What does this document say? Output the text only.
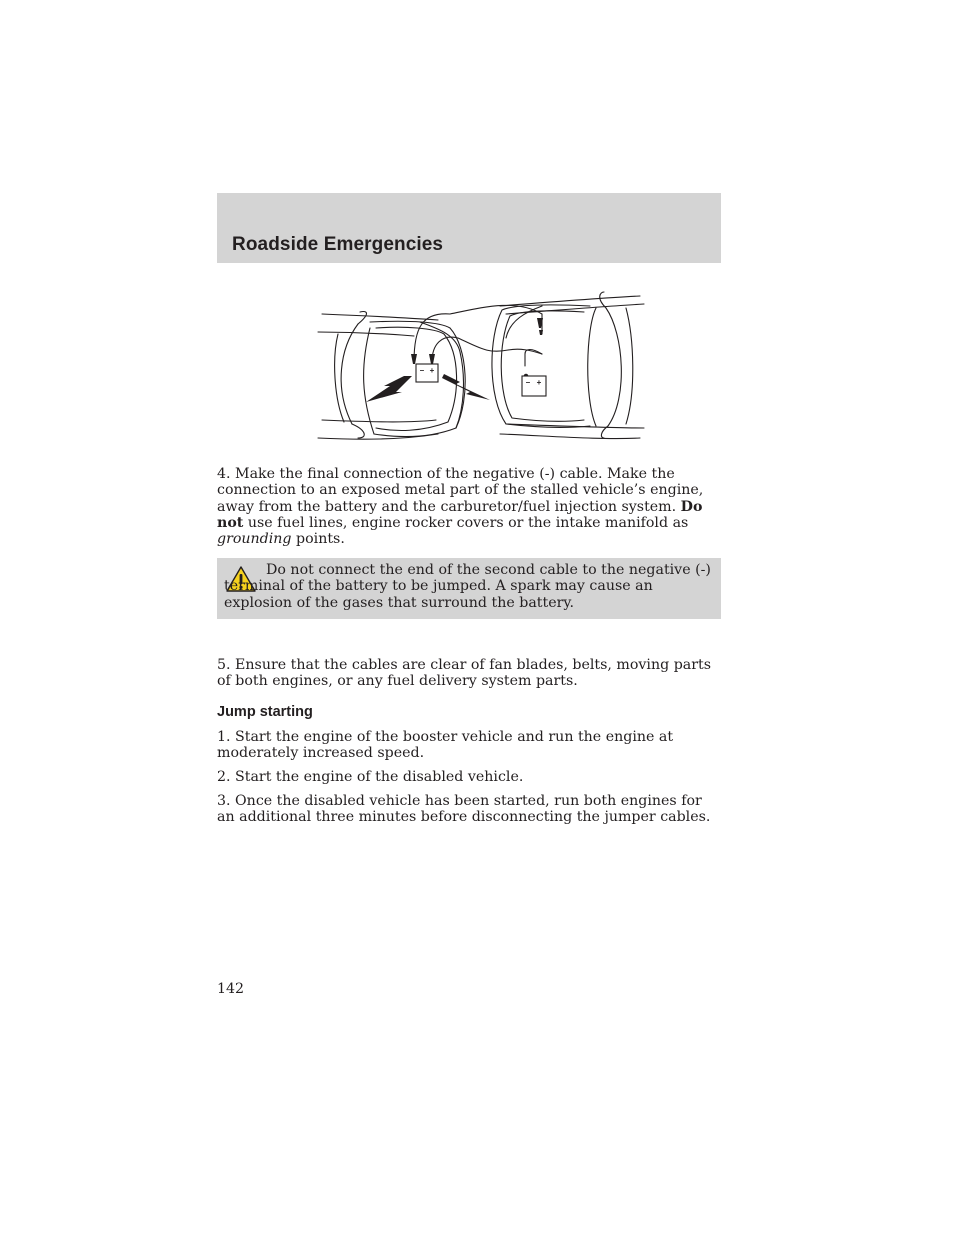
Roadside Emergencies
– +
– +

4. Make the final connection of the negative (-) cable. Make the connection to an exposed metal part of the stalled vehicle’s engine, away from the battery and the carburetor/fuel injection system. Do not use fuel lines, engine rocker covers or the intake manifold as grounding points.

Do not connect the end of the second cable to the negative (-) terminal of the battery to be jumped. A spark may cause an explosion of the gases that surround the battery.

5. Ensure that the cables are clear of fan blades, belts, moving parts of both engines, or any fuel delivery system parts.

Jump starting

1. Start the engine of the booster vehicle and run the engine at moderately increased speed.

2. Start the engine of the disabled vehicle.

3. Once the disabled vehicle has been started, run both engines for an additional three minutes before disconnecting the jumper cables.

142
